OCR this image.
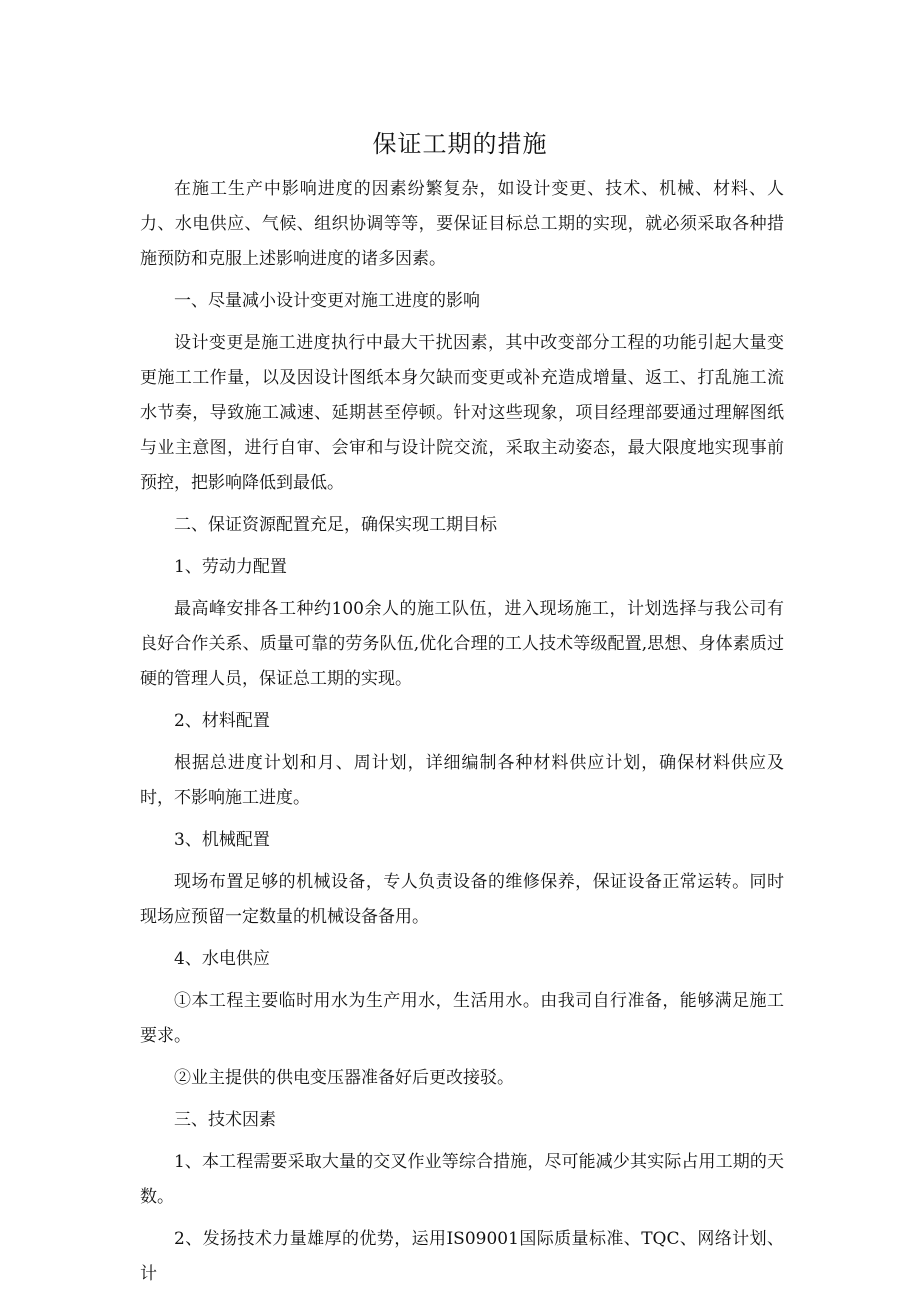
保证工期的措施

在施工生产中影响进度的因素纷繁复杂，如设计变更、技术、机械、材料、人力、水电供应、气候、组织协调等等，要保证目标总工期的实现，就必须采取各种措施预防和克服上述影响进度的诸多因素。

一、尽量减小设计变更对施工进度的影响

设计变更是施工进度执行中最大干扰因素，其中改变部分工程的功能引起大量变更施工工作量，以及因设计图纸本身欠缺而变更或补充造成增量、返工、打乱施工流水节奏，导致施工减速、延期甚至停顿。针对这些现象，项目经理部要通过理解图纸与业主意图，进行自审、会审和与设计院交流，采取主动姿态，最大限度地实现事前预控，把影响降低到最低。

二、保证资源配置充足，确保实现工期目标

1、劳动力配置

最高峰安排各工种约100余人的施工队伍，进入现场施工，计划选择与我公司有良好合作关系、质量可靠的劳务队伍,优化合理的工人技术等级配置,思想、身体素质过硬的管理人员，保证总工期的实现。

2、材料配置

根据总进度计划和月、周计划，详细编制各种材料供应计划，确保材料供应及时，不影响施工进度。

3、机械配置

现场布置足够的机械设备，专人负责设备的维修保养，保证设备正常运转。同时现场应预留一定数量的机械设备备用。

4、水电供应

①本工程主要临时用水为生产用水，生活用水。由我司自行准备，能够满足施工要求。

②业主提供的供电变压器准备好后更改接驳。

三、技术因素

1、本工程需要采取大量的交叉作业等综合措施，尽可能减少其实际占用工期的天数。

2、发扬技术力量雄厚的优势，运用IS09001国际质量标准、TQC、网络计划、计
